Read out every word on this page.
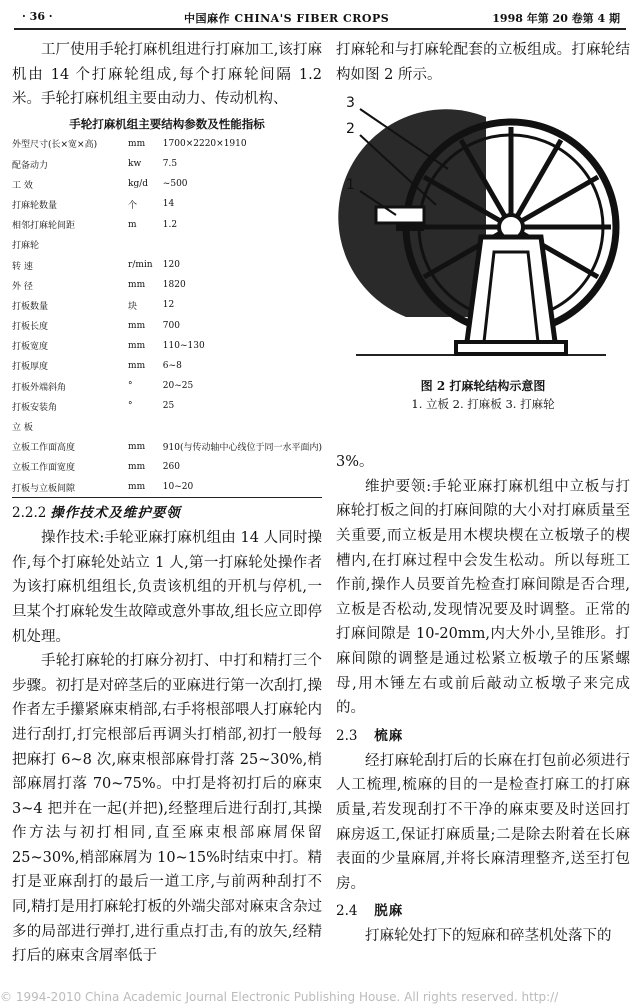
· 36 ·	中国麻作 CHINA'S FIBER CROPS	1998 年第 20 卷第 4 期

工厂使用手轮打麻机组进行打麻加工,该打麻机由 14 个打麻轮组成,每个打麻轮间隔 1.2 米。手轮打麻机组主要由动力、传动机构、

手轮打麻机组主要结构参数及性能指标
外型尺寸(长×宽×高)	mm	1700×2220×1910
配备动力	kw	7.5
工 效	kg/d	~500
打麻轮数量	个	14
相邻打麻轮间距	m	1.2
打麻轮		
转 速	r/min	120
外 径	mm	1820
打板数量	块	12
打板长度	mm	700
打板宽度	mm	110~130
打板厚度	mm	6~8
打板外端斜角	°	20~25
打板安装角	°	25
立 板		
立板工作面高度	mm	910(与传动轴中心线位于同一水平面内)
立板工作面宽度	mm	260
打板与立板间隙	mm	10~20
2.2.2 操作技术及维护要领

操作技术:手轮亚麻打麻机组由 14 人同时操作,每个打麻轮处站立 1 人,第一打麻轮处操作者为该打麻机组组长,负责该机组的开机与停机,一旦某个打麻轮发生故障或意外事故,组长应立即停机处理。

手轮打麻轮的打麻分初打、中打和精打三个步骤。初打是对碎茎后的亚麻进行第一次刮打,操作者左手攥紧麻束梢部,右手将根部喂人打麻轮内进行刮打,打完根部后再调头打梢部,初打一般每把麻打 6~8 次,麻束根部麻骨打落 25~30%,梢部麻屑打落 70~75%。中打是将初打后的麻束 3~4 把并在一起(并把),经整理后进行刮打,其操作方法与初打相同,直至麻束根部麻屑保留 25~30%,梢部麻屑为 10~15%时结束中打。精打是亚麻刮打的最后一道工序,与前两种刮打不同,精打是用打麻轮打板的外端尖部对麻束含杂过多的局部进行弹打,进行重点打击,有的放矢,经精打后的麻束含屑率低于

打麻轮和与打麻轮配套的立板组成。打麻轮结构如图 2 所示。

3
2
1
图 2 打麻轮结构示意图
1. 立板 2. 打麻板 3. 打麻轮

3%。

维护要领:手轮亚麻打麻机组中立板与打麻轮打板之间的打麻间隙的大小对打麻质量至关重要,而立板是用木楔块楔在立板墩子的楔槽内,在打麻过程中会发生松动。所以每班工作前,操作人员要首先检查打麻间隙是否合理,立板是否松动,发现情况要及时调整。正常的打麻间隙是 10-20mm,内大外小,呈锥形。打麻间隙的调整是通过松紧立板墩子的压紧螺母,用木锤左右或前后敲动立板墩子来完成的。

2.3 梳麻

经打麻轮刮打后的长麻在打包前必须进行人工梳理,梳麻的目的一是检查打麻工的打麻质量,若发现刮打不干净的麻束要及时送回打麻房返工,保证打麻质量;二是除去附着在长麻表面的少量麻屑,并将长麻清理整齐,送至打包房。

2.4 脱麻

打麻轮处打下的短麻和碎茎机处落下的

© 1994-2010 China Academic Journal Electronic Publishing House. All rights reserved. http://
